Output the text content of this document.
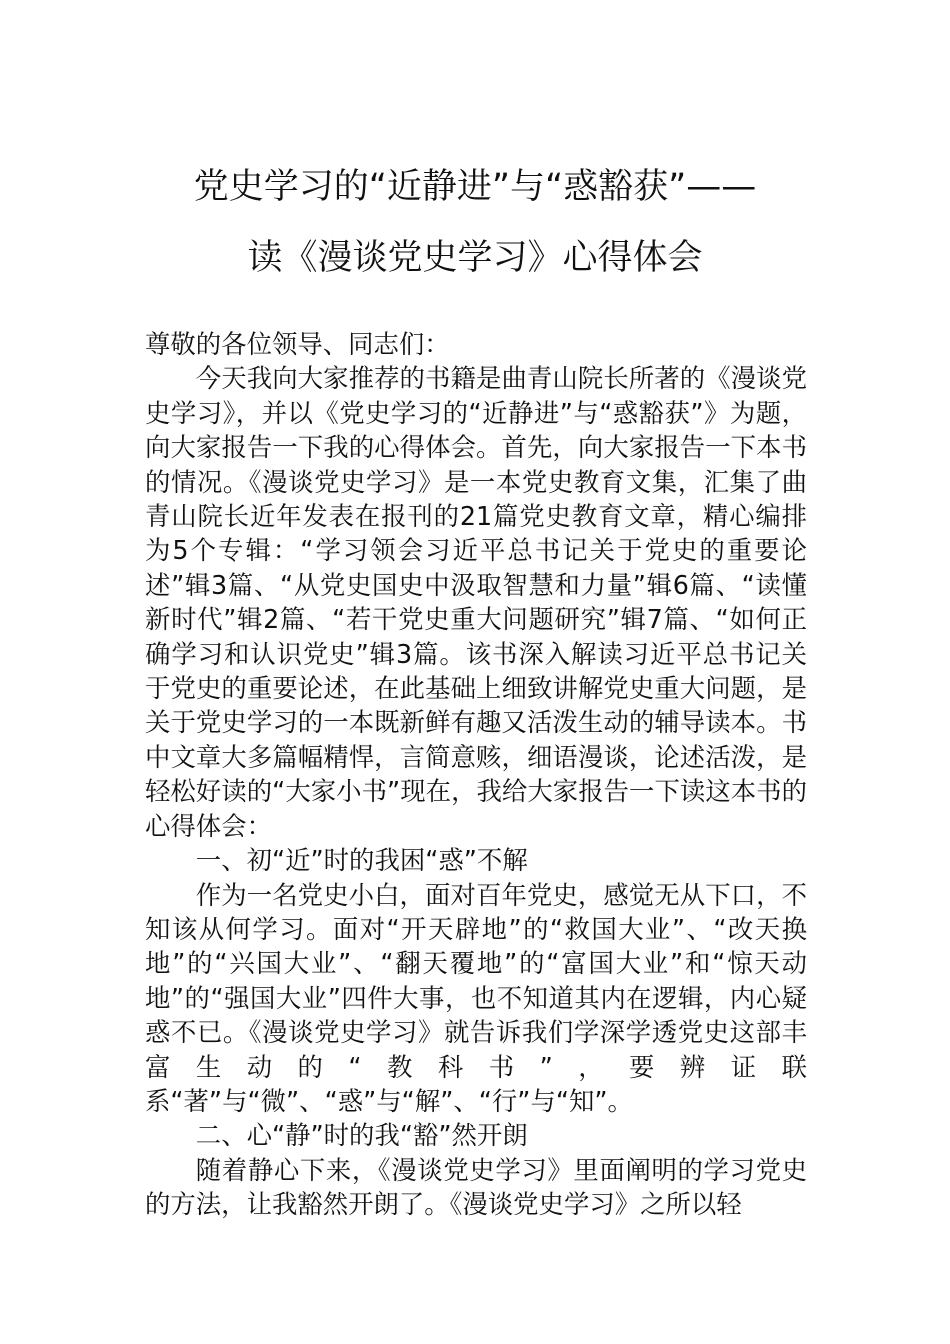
党史学习的“近静进”与“惑豁获”——
读《漫谈党史学习》心得体会

尊敬的各位领导、同志们：

今天我向大家推荐的书籍是曲青山院长所著的《漫谈党史学习》，并以《党史学习的“近静进”与“惑豁获”》为题，向大家报告一下我的心得体会。首先，向大家报告一下本书的情况。《漫谈党史学习》是一本党史教育文集，汇集了曲青山院长近年发表在报刊的21篇党史教育文章，精心编排为5个专辑：“学习领会习近平总书记关于党史的重要论述”辑3篇、“从党史国史中汲取智慧和力量”辑6篇、“读懂新时代”辑2篇、“若干党史重大问题研究”辑7篇、“如何正确学习和认识党史”辑3篇。该书深入解读习近平总书记关于党史的重要论述，在此基础上细致讲解党史重大问题，是关于党史学习的一本既新鲜有趣又活泼生动的辅导读本。书中文章大多篇幅精悍，言简意赅，细语漫谈，论述活泼，是轻松好读的“大家小书”现在，我给大家报告一下读这本书的心得体会：

一、初“近”时的我困“惑”不解

作为一名党史小白，面对百年党史，感觉无从下口，不知该从何学习。面对“开天辟地”的“救国大业”、“改天换地”的“兴国大业”、“翻天覆地”的“富国大业”和“惊天动地”的“强国大业”四件大事，也不知道其内在逻辑，内心疑惑不已。《漫谈党史学习》就告诉我们学深学透党史这部丰富生动的“教科书”，要辨证联系“著”与“微”、“惑”与“解”、“行”与“知”。

二、心“静”时的我“豁”然开朗

随着静心下来，《漫谈党史学习》里面阐明的学习党史的方法，让我豁然开朗了。《漫谈党史学习》之所以轻
